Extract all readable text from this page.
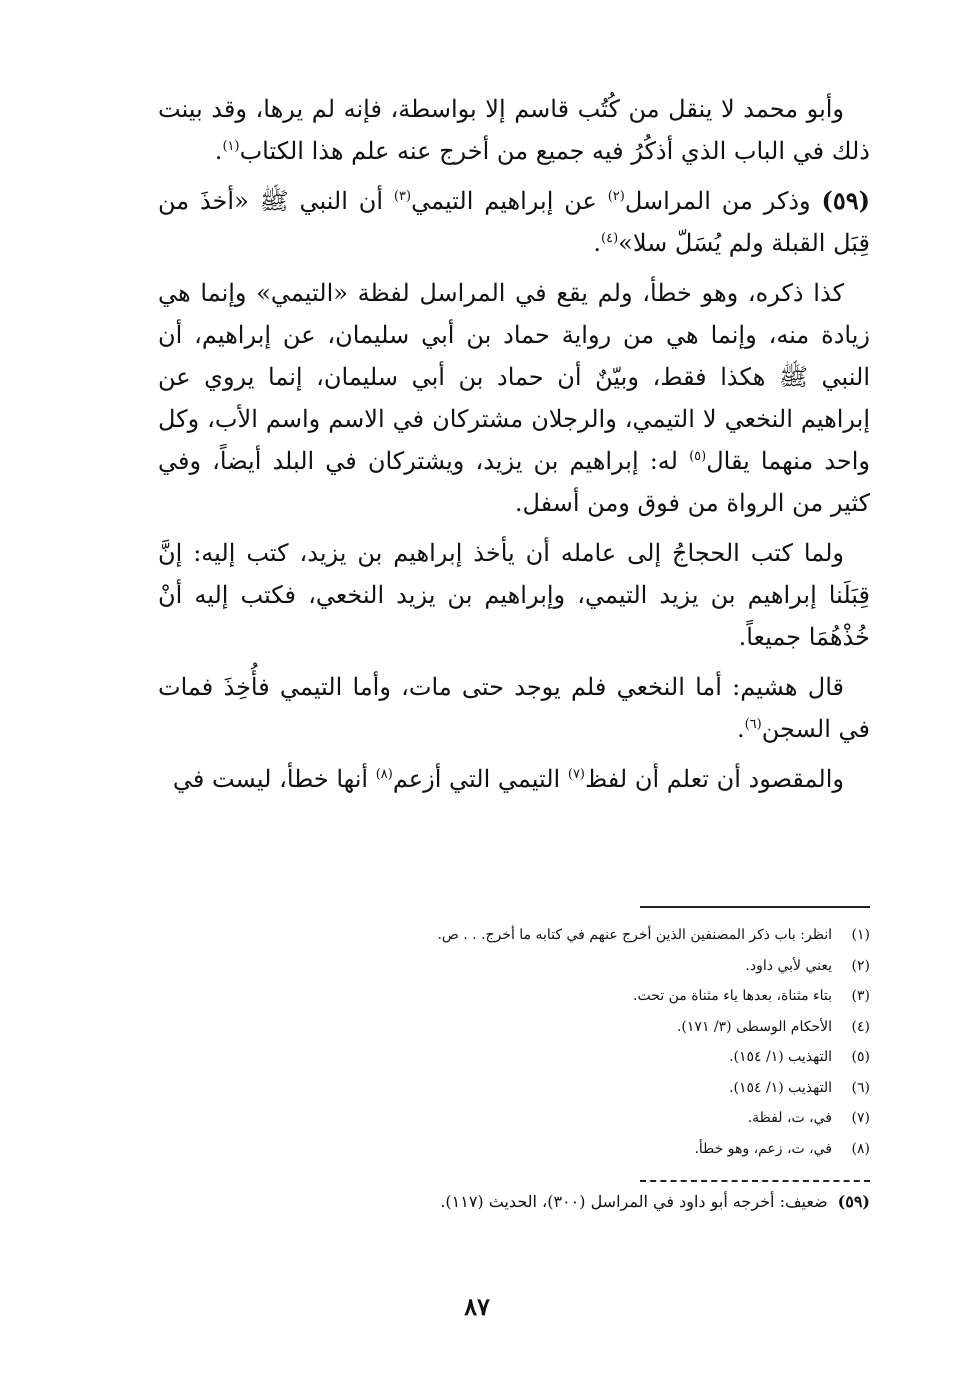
وأبو محمد لا ينقل من كُتُب قاسم إلا بواسطة، فإنه لم يرها، وقد بينت ذلك في الباب الذي أذكُرُ فيه جميع من أخرج عنه علم هذا الكتاب$^{(١)}$.

(٥٩) وذكر من المراسل$^{(٢)}$ عن إبراهيم التيمي$^{(٣)}$ أن النبي ﷺ «أخذَ من قِبَل القبلة ولم يُسَلّ سلا»$^{(٤)}$.

كذا ذكره، وهو خطأ، ولم يقع في المراسل لفظة «التيمي» وإنما هي زيادة منه، وإنما هي من رواية حماد بن أبي سليمان، عن إبراهيم، أن النبي ﷺ هكذا فقط، وبيّنٌ أن حماد بن أبي سليمان، إنما يروي عن إبراهيم النخعي لا التيمي، والرجلان مشتركان في الاسم واسم الأب، وكل واحد منهما يقال$^{(٥)}$ له: إبراهيم بن يزيد، ويشتركان في البلد أيضاً، وفي كثير من الرواة من فوق ومن أسفل.

ولما كتب الحجاجُ إلى عامله أن يأخذ إبراهيم بن يزيد، كتب إليه: إنَّ قِبَلَنا إبراهيم بن يزيد التيمي، وإبراهيم بن يزيد النخعي، فكتب إليه أنْ خُذْهُمَا جميعاً.

قال هشيم: أما النخعي فلم يوجد حتى مات، وأما التيمي فأُخِذَ فمات في السجن$^{(٦)}$.

والمقصود أن تعلم أن لفظ$^{(٧)}$ التيمي التي أزعم$^{(٨)}$ أنها خطأ، ليست في

(١)انظر: باب ذكر المصنفين الذين أخرج عنهم في كتابه ما أخرج. . . ص.
(٢)يعني لأبي داود.
(٣)بتاء مثناة، بعدها ياء مثناة من تحت.
(٤)الأحكام الوسطى (٣/ ١٧١).
(٥)التهذيب (١/ ١٥٤).
(٦)التهذيب (١/ ١٥٤).
(٧)في، ت، لفظة.
(٨)في، ت، زعم، وهو خطأ.
(٥٩)ضعيف: أخرجه أبو داود في المراسل (٣٠٠)، الحديث (١١٧).
٨٧
